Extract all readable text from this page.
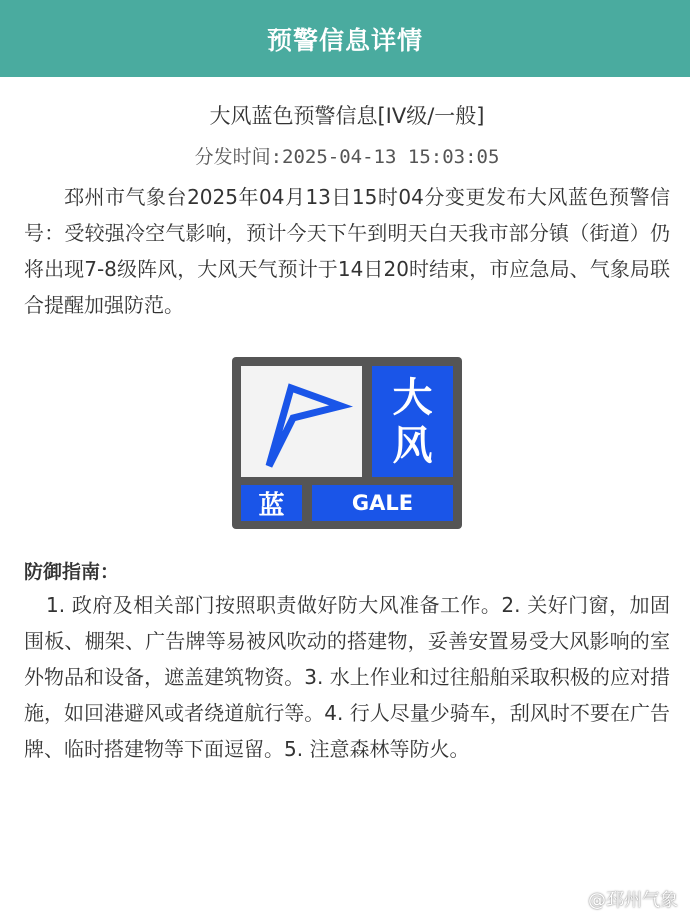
预警信息详情
大风蓝色预警信息[IV级/一般]
分发时间:2025-04-13 15:03:05
邳州市气象台2025年04月13日15时04分变更发布大风蓝色预警信号：受较强冷空气影响，预计今天下午到明天白天我市部分镇（街道）仍将出现7-8级阵风，大风天气预计于14日20时结束，市应急局、气象局联合提醒加强防范。
大
风
蓝	GALE
防御指南：
1. 政府及相关部门按照职责做好防大风准备工作。2. 关好门窗，加固围板、棚架、广告牌等易被风吹动的搭建物，妥善安置易受大风影响的室外物品和设备，遮盖建筑物资。3. 水上作业和过往船舶采取积极的应对措施，如回港避风或者绕道航行等。4. 行人尽量少骑车，刮风时不要在广告牌、临时搭建物等下面逗留。5. 注意森林等防火。
@邳州气象
